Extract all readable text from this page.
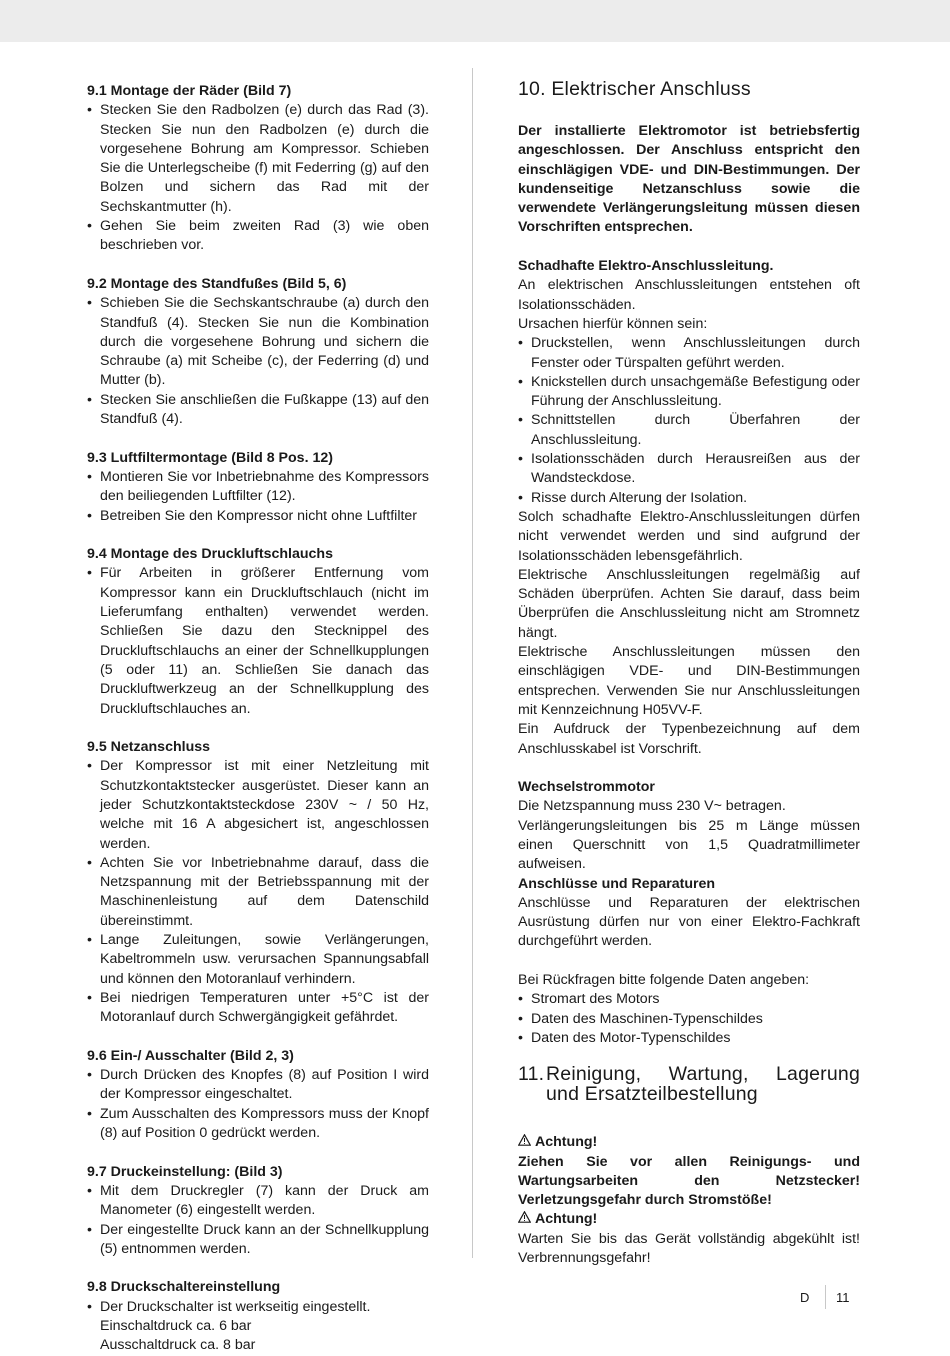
9.1 Montage der Räder (Bild 7)

• Stecken Sie den Radbolzen (e) durch das Rad (3). Stecken Sie nun den Radbolzen (e) durch die vorgesehene Bohrung am Kompressor. Schieben Sie die Unterlegscheibe (f) mit Federring (g) auf den Bolzen und sichern das Rad mit der Sechskantmutter (h).
• Gehen Sie beim zweiten Rad (3) wie oben beschrieben vor.

9.2 Montage des Standfußes (Bild 5, 6)

• Schieben Sie die Sechskantschraube (a) durch den Standfuß (4). Stecken Sie nun die Kombination durch die vorgesehene Bohrung und sichern die Schraube (a) mit Scheibe (c), der Federring (d) und Mutter (b).
• Stecken Sie anschließen die Fußkappe (13) auf den Standfuß (4).

9.3 Luftfiltermontage (Bild 8 Pos. 12)

• Montieren Sie vor Inbetriebnahme des Kompressors den beiliegenden Luftfilter (12).
• Betreiben Sie den Kompressor nicht ohne Luftfilter

9.4 Montage des Druckluftschlauchs

• Für Arbeiten in größerer Entfernung vom Kompressor kann ein Druckluftschlauch (nicht im Lieferumfang enthalten) verwendet werden. Schließen Sie dazu den Stecknippel des Druckluftschlauchs an einer der Schnellkupplungen (5 oder 11) an. Schließen Sie danach das Druckluftwerkzeug an der Schnellkupplung des Druckluftschlauches an.

9.5 Netzanschluss

• Der Kompressor ist mit einer Netzleitung mit Schutzkontaktstecker ausgerüstet. Dieser kann an jeder Schutzkontaktsteckdose 230V ~ / 50 Hz, welche mit 16 A abgesichert ist, angeschlossen werden.
• Achten Sie vor Inbetriebnahme darauf, dass die Netzspannung mit der Betriebsspannung mit der Maschinenleistung auf dem Datenschild übereinstimmt.
• Lange Zuleitungen, sowie Verlängerungen, Kabeltrommeln usw. verursachen Spannungsabfall und können den Motoranlauf verhindern.
• Bei niedrigen Temperaturen unter +5°C ist der Motoranlauf durch Schwergängigkeit gefährdet.

9.6 Ein-/ Ausschalter (Bild 2, 3)

• Durch Drücken des Knopfes (8) auf Position I wird der Kompressor eingeschaltet.
• Zum Ausschalten des Kompressors muss der Knopf (8) auf Position 0 gedrückt werden.

9.7 Druckeinstellung: (Bild 3)

• Mit dem Druckregler (7) kann der Druck am Manometer (6) eingestellt werden.
• Der eingestellte Druck kann an der Schnellkupplung (5) entnommen werden.

9.8 Druckschaltereinstellung

• Der Druckschalter ist werkseitig eingestellt.
Einschaltdruck ca. 6 bar
Ausschaltdruck ca. 8 bar
10. Elektrischer Anschluss

Der installierte Elektromotor ist betriebsfertig angeschlossen. Der Anschluss entspricht den einschlägigen VDE- und DIN-Bestimmungen. Der kundenseitige Netzanschluss sowie die verwendete Verlängerungsleitung müssen diesen Vorschriften entsprechen.

Schadhafte Elektro-Anschlussleitung.

An elektrischen Anschlussleitungen entstehen oft Isolationsschäden.

Ursachen hierfür können sein:

• Druckstellen, wenn Anschlussleitungen durch Fenster oder Türspalten geführt werden.
• Knickstellen durch unsachgemäße Befestigung oder Führung der Anschlussleitung.
• Schnittstellen durch Überfahren der Anschlussleitung.
• Isolationsschäden durch Herausreißen aus der Wandsteckdose.
• Risse durch Alterung der Isolation.

Solch schadhafte Elektro-Anschlussleitungen dürfen nicht verwendet werden und sind aufgrund der Isolationsschäden lebensgefährlich.

Elektrische Anschlussleitungen regelmäßig auf Schäden überprüfen. Achten Sie darauf, dass beim Überprüfen die Anschlussleitung nicht am Stromnetz hängt.

Elektrische Anschlussleitungen müssen den einschlägigen VDE- und DIN-Bestimmungen entsprechen. Verwenden Sie nur Anschlussleitungen mit Kennzeichnung H05VV-F.

Ein Aufdruck der Typenbezeichnung auf dem Anschlusskabel ist Vorschrift.

Wechselstrommotor

Die Netzspannung muss 230 V~ betragen.

Verlängerungsleitungen bis 25 m Länge müssen einen Querschnitt von 1,5 Quadratmillimeter aufweisen.

Anschlüsse und Reparaturen

Anschlüsse und Reparaturen der elektrischen Ausrüstung dürfen nur von einer Elektro-Fachkraft durchgeführt werden.

Bei Rückfragen bitte folgende Daten angeben:

• Stromart des Motors
• Daten des Maschinen-Typenschildes
• Daten des Motor-Typenschildes
11. Reinigung, Wartung, Lagerung
und Ersatzteilbestellung

Achtung!

Ziehen Sie vor allen Reinigungs- und Wartungsarbeiten den Netzstecker! Verletzungsgefahr durch Stromstöße!

Achtung!

Warten Sie bis das Gerät vollständig abgekühlt ist! Verbrennungsgefahr!

D 11
